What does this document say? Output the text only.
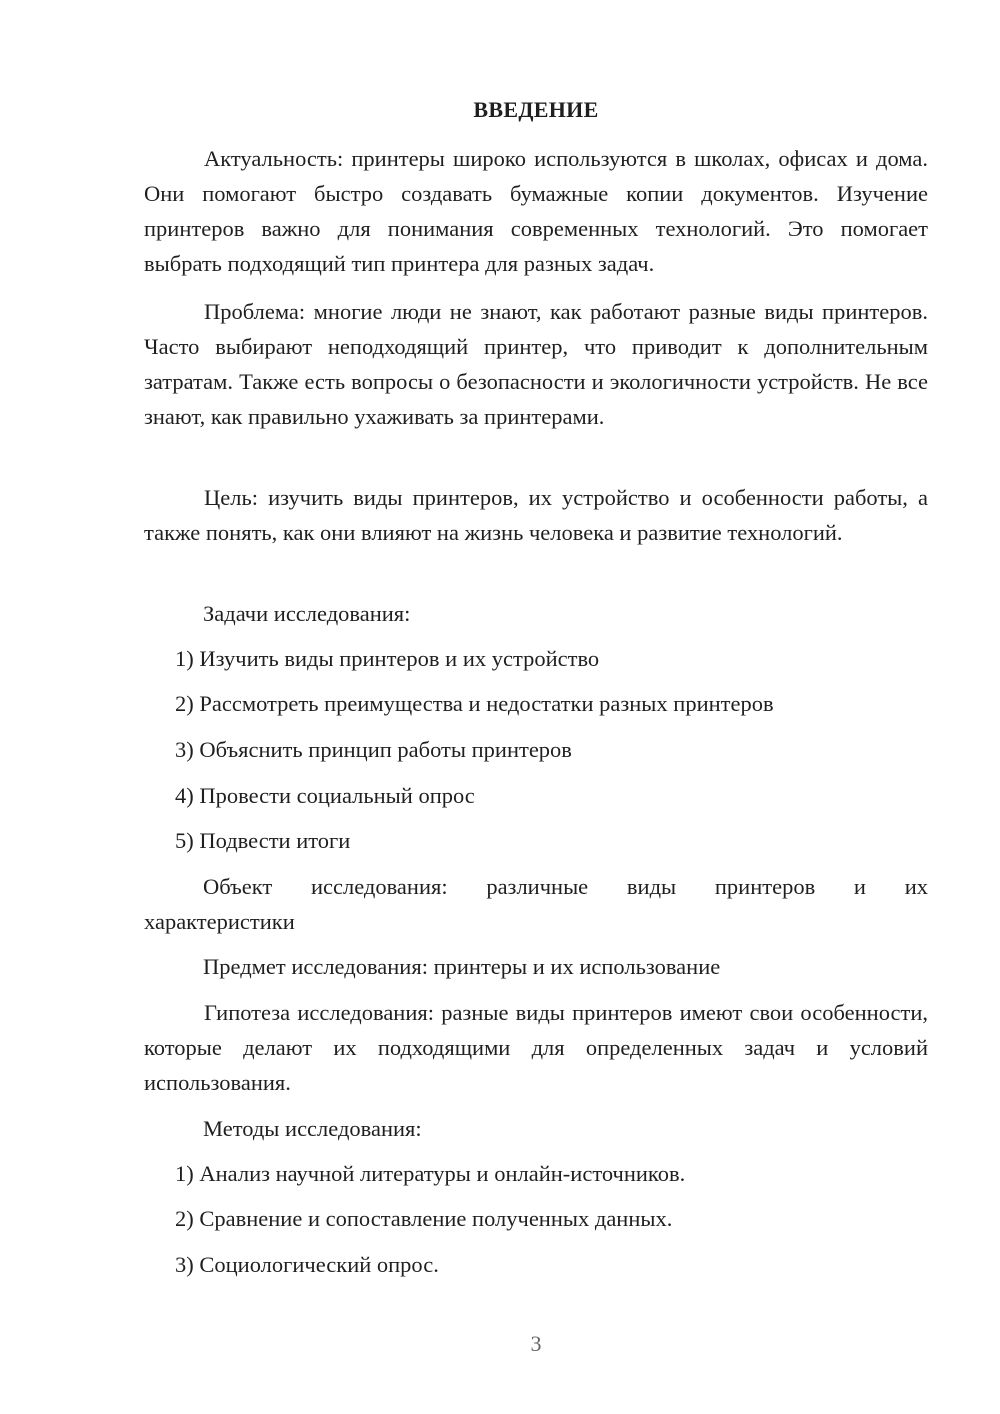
ВВЕДЕНИЕ

Актуальность: принтеры широко используются в школах, офисах и дома. Они помогают быстро создавать бумажные копии документов. Изучение принтеров важно для понимания современных технологий. Это помогает выбрать подходящий тип принтера для разных задач.

Проблема: многие люди не знают, как работают разные виды принтеров. Часто выбирают неподходящий принтер, что приводит к дополнительным затратам. Также есть вопросы о безопасности и экологичности устройств. Не все знают, как правильно ухаживать за принтерами.

Цель: изучить виды принтеров, их устройство и особенности работы, а также понять, как они влияют на жизнь человека и развитие технологий.

Задачи исследования:

1) Изучить виды принтеров и их устройство

2) Рассмотреть преимущества и недостатки разных принтеров

3) Объяснить принцип работы принтеров

4) Провести социальный опрос

5) Подвести итоги

Объект исследования: различные виды принтеров и их

характеристики

Предмет исследования: принтеры и их использование

Гипотеза исследования: разные виды принтеров имеют свои особенности, которые делают их подходящими для определенных задач и условий использования.

Методы исследования:

1) Анализ научной литературы и онлайн-источников.

2) Сравнение и сопоставление полученных данных.

3) Социологический опрос.

3
